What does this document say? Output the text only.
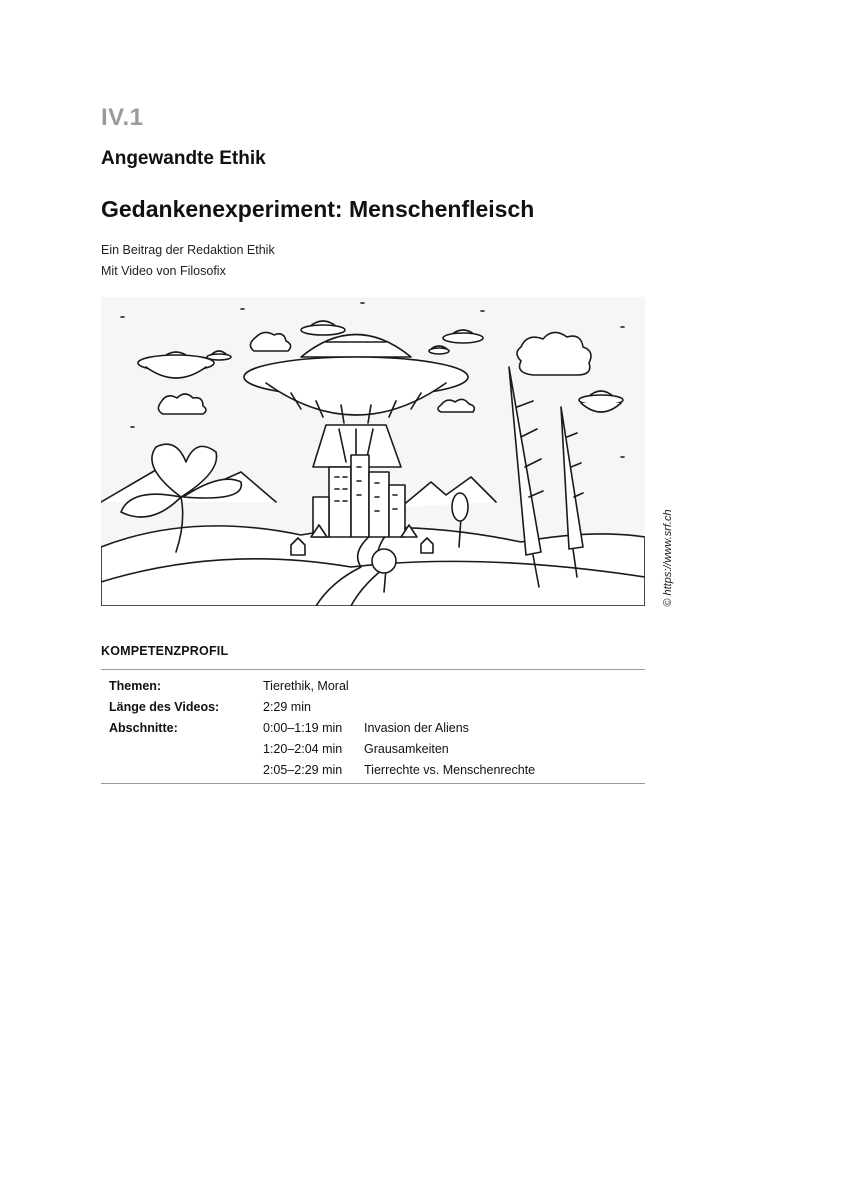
IV.1
Angewandte Ethik
Gedankenexperiment: Menschenfleisch
Ein Beitrag der Redaktion Ethik
Mit Video von Filosofix
© https://www.srf.ch
KOMPETENZPROFIL
Themen:	Tierethik, Moral
Länge des Videos:	2:29 min
Abschnitte:	0:00–1:19 min	Invasion der Aliens
1:20–2:04 min	Grausamkeiten
2:05–2:29 min	Tierrechte vs. Menschenrechte
